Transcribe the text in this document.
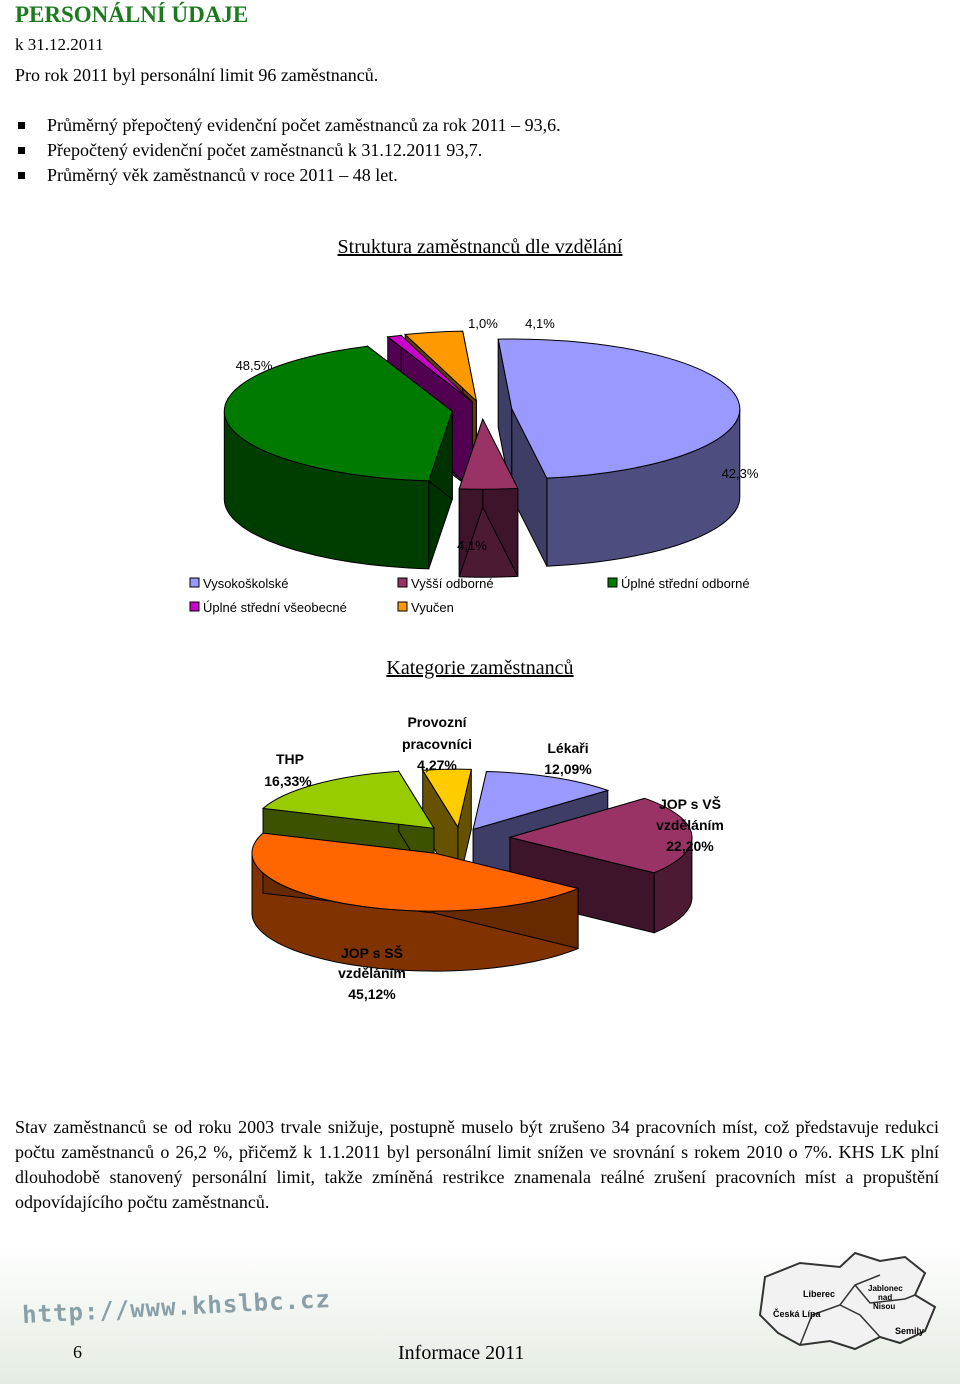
PERSONÁLNÍ ÚDAJE
k 31.12.2011
Pro rok 2011 byl personální limit 96 zaměstnanců.
Průměrný přepočtený evidenční počet zaměstnanců za rok 2011 – 93,6.
Přepočtený evidenční počet zaměstnanců k 31.12.2011 93,7.
Průměrný věk zaměstnanců v roce 2011 – 48 let.
Struktura zaměstnanců dle vzdělání
48,5%
4,1%
42,3%
1,0% 4,1%
Vysokoškolské	Vyšší odborné	Úplné střední odborné
Úplné střední všeobecné	Vyučen
Kategorie zaměstnanců
THP
16,33%
Provozní
pracovníci
4,27%
Lékaři
12,09%
JOP s VŠ
vzděláním
22,20%
JOP s SŠ
vzděláním
45,12%
Stav zaměstnanců se od roku 2003 trvale snižuje, postupně muselo být zrušeno 34 pracovních míst, což představuje redukci počtu zaměstnanců o 26,2 %, přičemž k 1.1.2011 byl personální limit snížen ve srovnání s rokem 2010 o 7%. KHS LK plní dlouhodobě stanovený personální limit, takže zmíněná restrikce znamenala reálné zrušení pracovních míst a propuštění odpovídajícího počtu zaměstnanců.
Liberec
Jablonec
nad
Nisou
Česká Lípa
Semily
http://www.khslbc.cz
6	Informace 2011
